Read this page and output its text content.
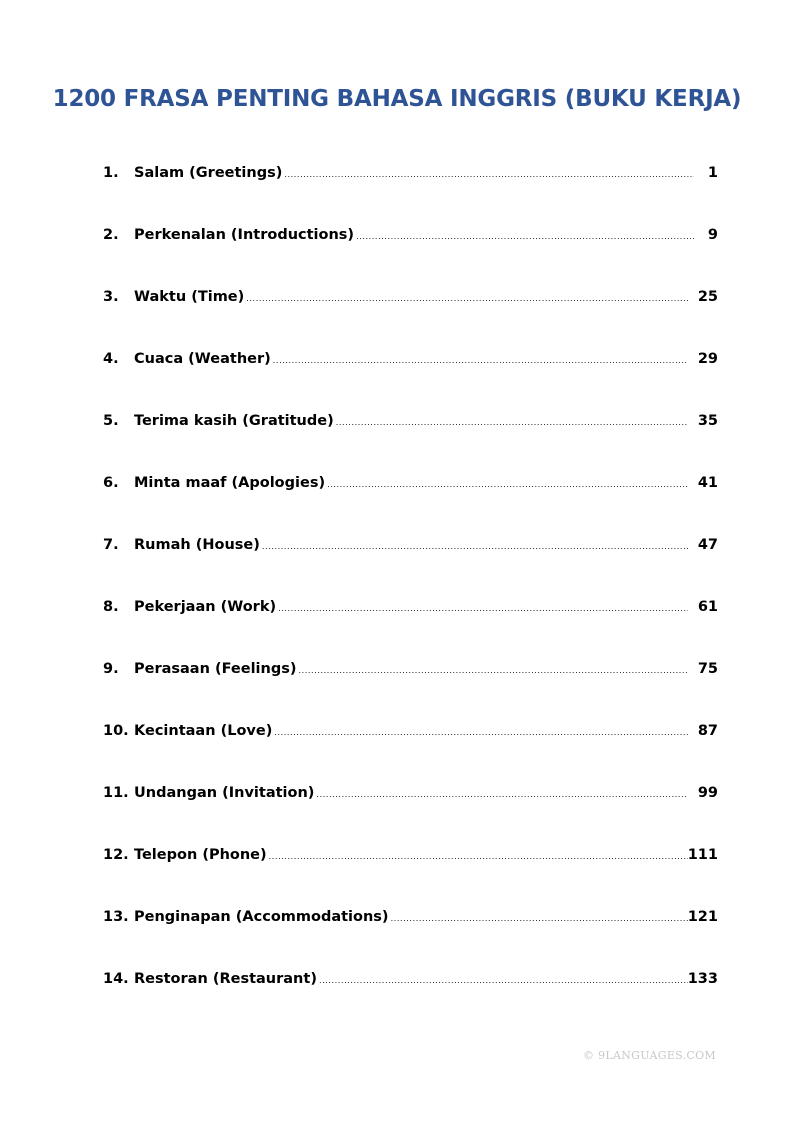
1200 FRASA PENTING BAHASA INGGRIS (BUKU KERJA)
1.	Salam (Greetings) .....	1
2.	Perkenalan (Introductions) .....	9
3.	Waktu (Time) .....	25
4.	Cuaca (Weather) .....	29
5.	Terima kasih (Gratitude) .....	35
6.	Minta maaf (Apologies) .....	41
7.	Rumah (House) .....	47
8.	Pekerjaan (Work) .....	61
9.	Perasaan (Feelings) .....	75
10. Kecintaan (Love) .....	87
11. Undangan (Invitation) .....	99
12. Telepon (Phone) .....	111
13. Penginapan (Accommodations) .....	121
14. Restoran (Restaurant) .....	133
© 9LANGUAGES.COM
